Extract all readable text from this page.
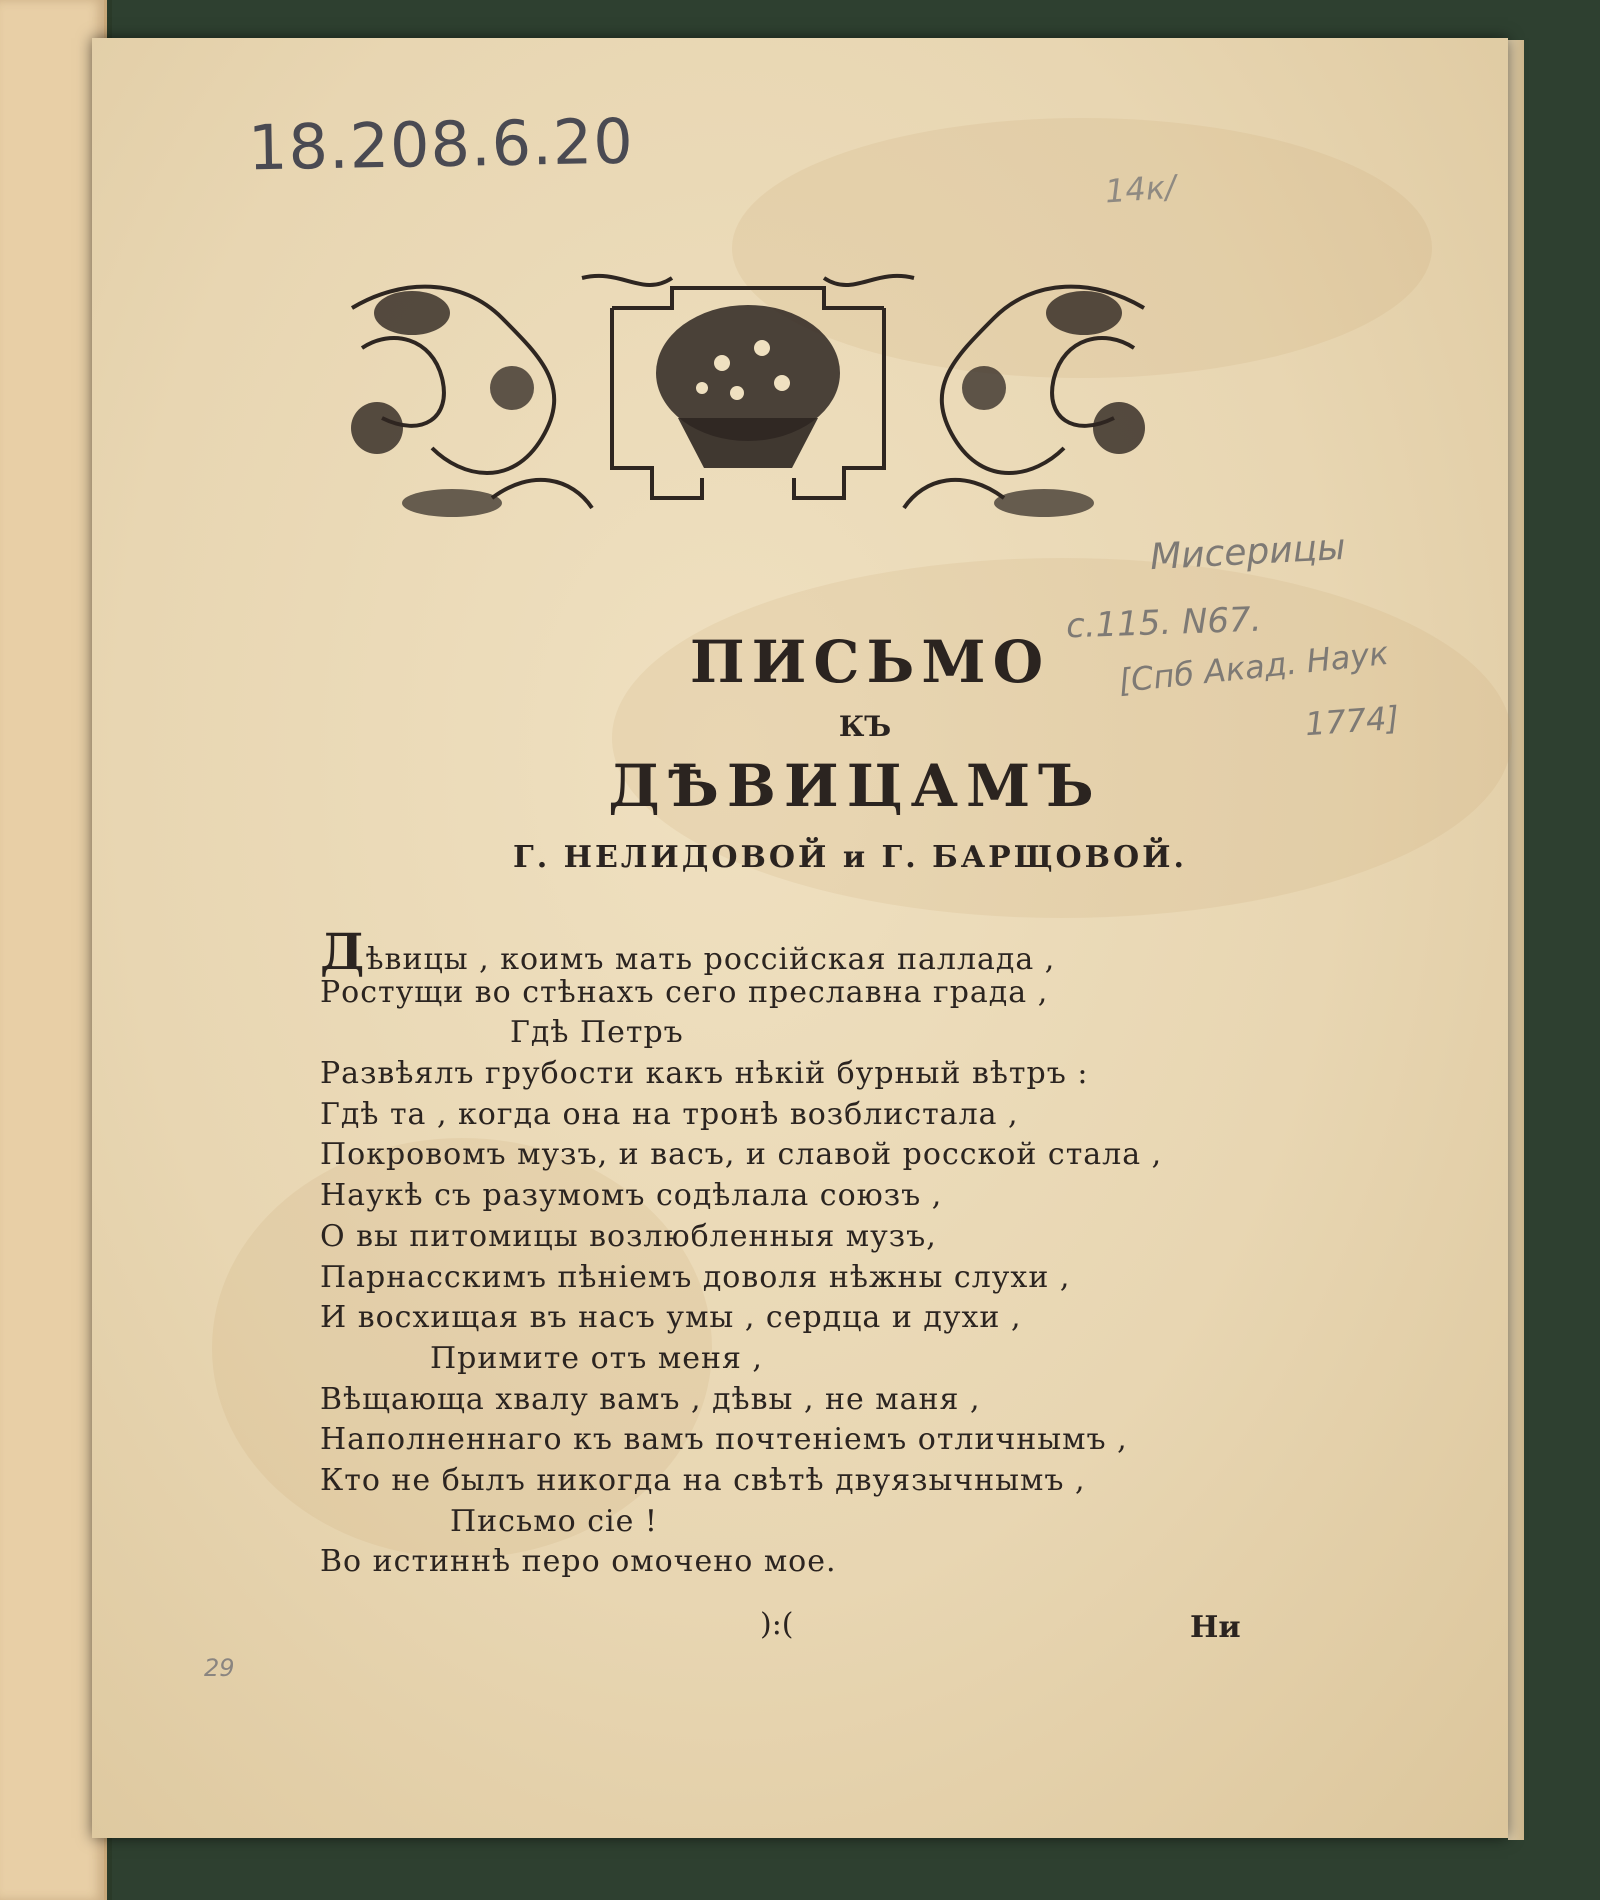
18.208.6.20
14к/
Мисерицы
с.115. N67.
[Спб Акад. Наук
1774]
ПИСЬМО
КЪ
ДѢВИЦАМЪ
Г. НЕЛИДОВОЙ и Г. БАРЩОВОЙ.
Дѣвицы , коимъ мать россійская паллада ,
Ростущи во стѣнахъ сего преславна града ,
Гдѣ Петръ
Развѣялъ грубости какъ нѣкій бурный вѣтръ :
Гдѣ та , когда она на тронѣ возблистала ,
Покровомъ музъ, и васъ, и славой росской стала ,
Наукѣ съ разумомъ содѣлала союзъ ,
О вы питомицы возлюбленныя музъ,
Парнасскимъ пѣніемъ доволя нѣжны слухи ,
И восхищая въ насъ умы , сердца и духи ,
Примите отъ меня ,
Вѣщающа хвалу вамъ , дѣвы , не маня ,
Наполненнаго къ вамъ почтеніемъ отличнымъ ,
Кто не былъ никогда на свѣтѣ двуязычнымъ ,
Письмо сіе !
Во истиннѣ перо омочено мое.
):(	Ни
29
